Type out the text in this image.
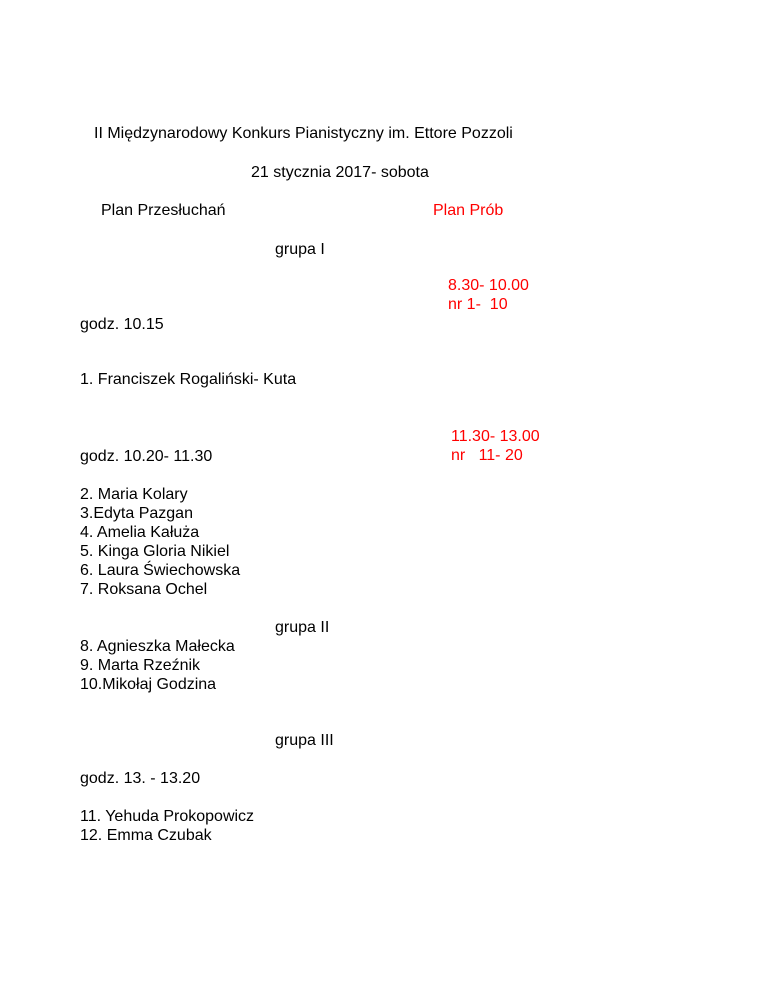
II Międzynarodowy Konkurs Pianistyczny im. Ettore Pozzoli
21 stycznia 2017- sobota
Plan Przesłuchań	Plan Prób
grupa I
8.30- 10.00
nr 1-  10
godz. 10.15
1. Franciszek Rogaliński- Kuta
11.30- 13.00
nr   11- 20
godz. 10.20- 11.30
2. Maria Kolary
3.Edyta Pazgan
4. Amelia Kałuża
5. Kinga Gloria Nikiel
6. Laura Świechowska
7. Roksana Ochel
grupa II
8. Agnieszka Małecka
9. Marta Rzeźnik
10.Mikołaj Godzina
grupa III
godz. 13. - 13.20
11. Yehuda Prokopowicz
12. Emma Czubak
